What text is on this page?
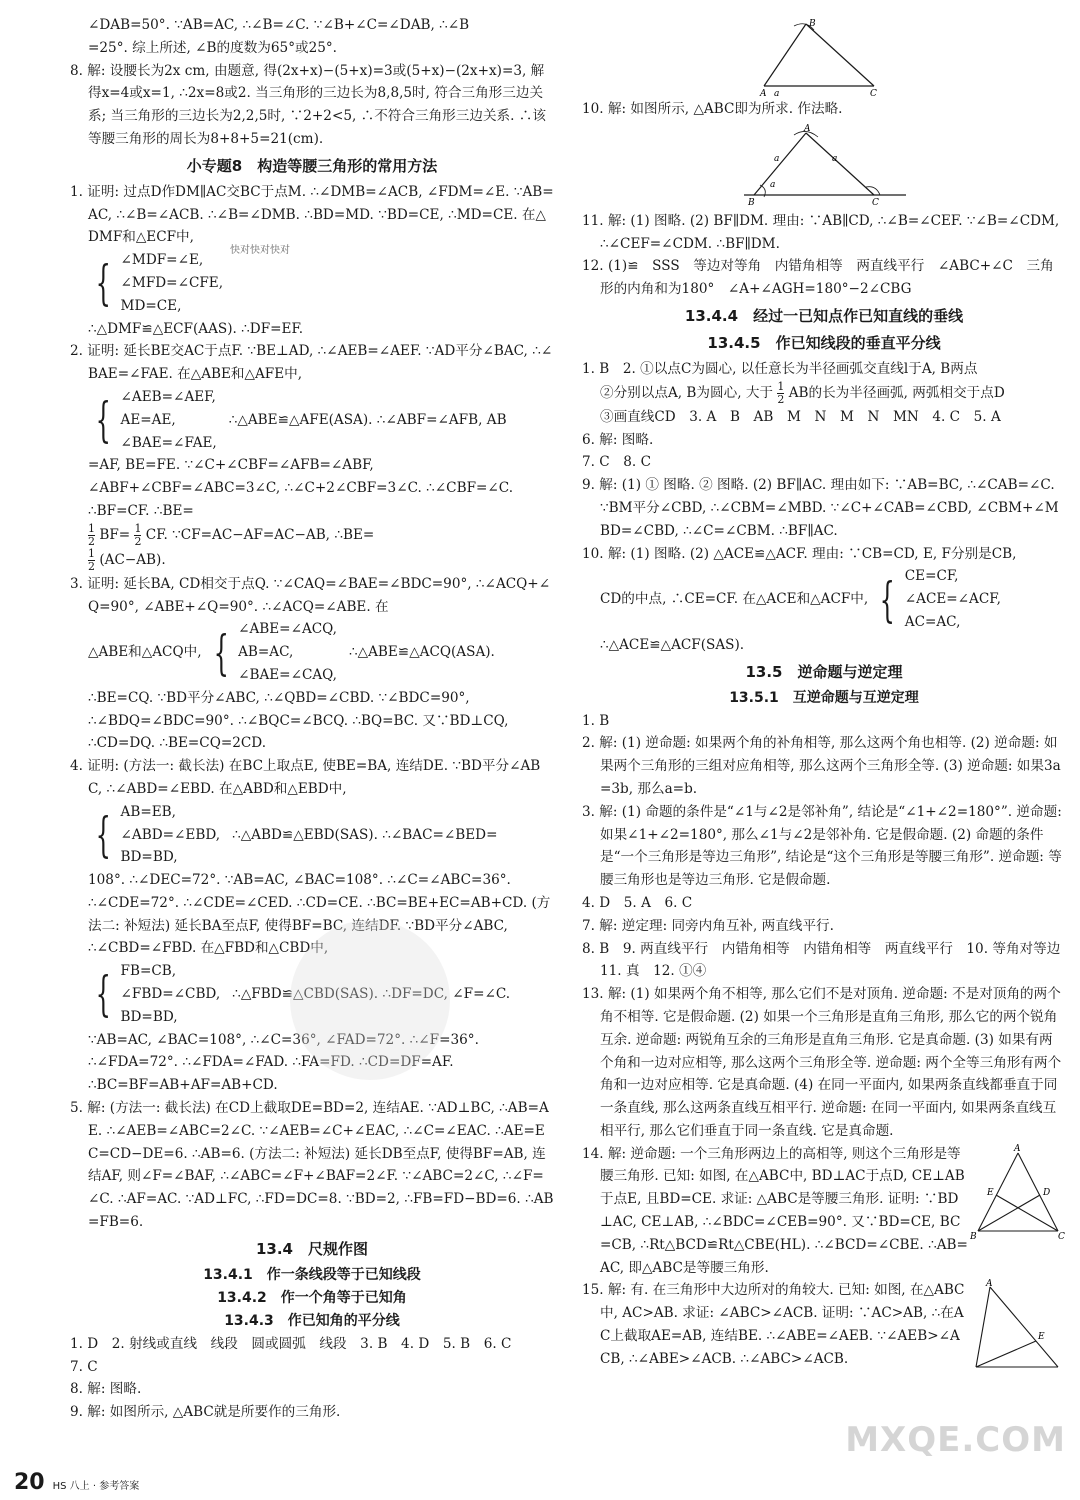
∠DAB=50°. ∵AB=AC, ∴∠B=∠C. ∵∠B+∠C=∠DAB, ∴∠B
=25°. 综上所述, ∠B的度数为65°或25°.
8. 解: 设腰长为2x cm, 由题意, 得(2x+x)−(5+x)=3或(5+x)−(2x+x)=3, 解得x=4或x=1, ∴2x=8或2. 当三角形的三边长为8,8,5时, 符合三角形三边关系; 当三角形的三边长为2,2,5时, ∵2+2<5, ∴不符合三角形三边关系. ∴该等腰三角形的周长为8+8+5=21(cm).
小专题8　构造等腰三角形的常用方法
1. 证明: 过点D作DM∥AC交BC于点M. ∴∠DMB=∠ACB, ∠FDM=∠E. ∵AB=AC, ∴∠B=∠ACB. ∴∠B=∠DMB. ∴BD=MD. ∵BD=CE, ∴MD=CE. 在△DMF和△ECF中,
{ ∠MDF=∠E,
∠MFD=∠CFE,
MD=CE,
∴△DMF≌△ECF(AAS). ∴DF=EF.
2. 证明: 延长BE交AC于点F. ∵BE⊥AD, ∴∠AEB=∠AEF. ∵AD平分∠BAC, ∴∠BAE=∠FAE. 在△ABE和△AFE中,
{ ∠AEB=∠AEF,
AE=AE,
∠BAE=∠FAE,
∴△ABE≌△AFE(ASA). ∴∠ABF=∠AFB, AB
=AF, BE=FE. ∵∠C+∠CBF=∠AFB=∠ABF, ∠ABF+∠CBF=∠ABC=3∠C, ∴∠C+2∠CBF=3∠C. ∴∠CBF=∠C. ∴BF=CF. ∴BE=
$\frac{1}{2} BF= \frac{1}{2}$ CF. ∵CF=AC−AF=AC−AB, ∴BE=
$\frac{1}{2} (AC-AB)$.
3. 证明: 延长BA, CD相交于点Q. ∵∠CAQ=∠BAE=∠BDC=90°, ∴∠ACQ+∠Q=90°, ∠ABE+∠Q=90°. ∴∠ACQ=∠ABE. 在
△ABE和△ACQ中, { ∠ABE=∠ACQ,
AB=AC,
∠BAE=∠CAQ,
∴△ABE≌△ACQ(ASA).
∴BE=CQ. ∵BD平分∠ABC, ∴∠QBD=∠CBD. ∵∠BDC=90°, ∴∠BDQ=∠BDC=90°. ∴∠BQC=∠BCQ. ∴BQ=BC. 又∵BD⊥CQ, ∴CD=DQ. ∴BE=CQ=2CD.
4. 证明: (方法一: 截长法) 在BC上取点E, 使BE=BA, 连结DE. ∵BD平分∠ABC, ∴∠ABD=∠EBD. 在△ABD和△EBD中,
{ AB=EB,
∠ABD=∠EBD,
BD=BD,
∴△ABD≌△EBD(SAS). ∴∠BAC=∠BED=
108°. ∴∠DEC=72°. ∵AB=AC, ∠BAC=108°. ∴∠C=∠ABC=36°. ∴∠CDE=72°. ∴∠CDE=∠CED. ∴CD=CE. ∴BC=BE+EC=AB+CD. (方法二: 补短法) 延长BA至点F, 使得BF=BC, 连结DF. ∵BD平分∠ABC, ∴∠CBD=∠FBD. 在△FBD和△CBD中,
{ FB=CB,
∠FBD=∠CBD,
BD=BD,
∴△FBD≌△CBD(SAS). ∴DF=DC, ∠F=∠C.
∵AB=AC, ∠BAC=108°, ∴∠C=36°, ∠FAD=72°. ∴∠F=36°. ∴∠FDA=72°. ∴∠FDA=∠FAD. ∴FA=FD. ∴CD=DF=AF. ∴BC=BF=AB+AF=AB+CD.
5. 解: (方法一: 截长法) 在CD上截取DE=BD=2, 连结AE. ∵AD⊥BC, ∴AB=AE. ∴∠AEB=∠ABC=2∠C. ∵∠AEB=∠C+∠EAC, ∴∠C=∠EAC. ∴AE=EC=CD−DE=6. ∴AB=6. (方法二: 补短法) 延长DB至点F, 使得BF=AB, 连结AF, 则∠F=∠BAF, ∴∠ABC=∠F+∠BAF=2∠F. ∵∠ABC=2∠C, ∴∠F=∠C. ∴AF=AC. ∵AD⊥FC, ∴FD=DC=8. ∵BD=2, ∴FB=FD−BD=6. ∴AB=FB=6.
13.4　尺规作图
13.4.1　作一条线段等于已知线段
13.4.2　作一个角等于已知角
13.4.3　作已知角的平分线
1. D　2. 射线或直线　线段　圆或圆弧　线段　3. B　4. D　5. B　6. C
7. C
8. 解: 图略.
9. 解: 如图所示, △ABC就是所要作的三角形.
B
A a	C
10. 解: 如图所示, △ABC即为所求. 作法略.
A
a	a
a
B	C
11. 解: (1) 图略. (2) BF∥DM. 理由: ∵AB∥CD, ∴∠B=∠CEF. ∵∠B=∠CDM, ∴∠CEF=∠CDM. ∴BF∥DM.
12. (1)≌　SSS　等边对等角　内错角相等　两直线平行　∠ABC+∠C　三角形的内角和为180°　∠A+∠AGH=180°−2∠CBG
13.4.4　经过一已知点作已知直线的垂线
13.4.5　作已知线段的垂直平分线
1. B　2. ①以点C为圆心, 以任意长为半径画弧交直线l于A, B两点
②分别以点A, B为圆心, 大于 $\frac{1}{2}$ AB的长为半径画弧, 两弧相交于点D
③画直线CD　3. A　B　AB　M　N　M　N　MN　4. C　5. A
6. 解: 图略.
7. C　8. C
9. 解: (1) ① 图略. ② 图略. (2) BF∥AC. 理由如下: ∵AB=BC, ∴∠CAB=∠C. ∵BM平分∠CBD, ∴∠CBM=∠MBD. ∵∠C+∠CAB=∠CBD, ∠CBM+∠MBD=∠CBD, ∴∠C=∠CBM. ∴BF∥AC.
10. 解: (1) 图略. (2) △ACE≌△ACF. 理由: ∵CB=CD, E, F分别是CB,
CD的中点, ∴CE=CF. 在△ACE和△ACF中, { CE=CF,
∠ACE=∠ACF,
AC=AC,
∴△ACE≌△ACF(SAS).
13.5　逆命题与逆定理
13.5.1　互逆命题与互逆定理
1. B
2. 解: (1) 逆命题: 如果两个角的补角相等, 那么这两个角也相等. (2) 逆命题: 如果两个三角形的三组对应角相等, 那么这两个三角形全等. (3) 逆命题: 如果3a=3b, 那么a=b.
3. 解: (1) 命题的条件是“∠1与∠2是邻补角”, 结论是“∠1+∠2=180°”. 逆命题: 如果∠1+∠2=180°, 那么∠1与∠2是邻补角. 它是假命题. (2) 命题的条件是“一个三角形是等边三角形”, 结论是“这个三角形是等腰三角形”. 逆命题: 等腰三角形也是等边三角形. 它是假命题.
4. D　5. A　6. C
7. 解: 逆定理: 同旁内角互补, 两直线平行.
8. B　9. 两直线平行　内错角相等　内错角相等　两直线平行　10. 等角对等边　11. 真　12. ①④
13. 解: (1) 如果两个角不相等, 那么它们不是对顶角. 逆命题: 不是对顶角的两个角不相等. 它是假命题. (2) 如果一个三角形是直角三角形, 那么它的两个锐角互余. 逆命题: 两锐角互余的三角形是直角三角形. 它是真命题. (3) 如果有两个角和一边对应相等, 那么这两个三角形全等. 逆命题: 两个全等三角形有两个角和一边对应相等. 它是真命题. (4) 在同一平面内, 如果两条直线都垂直于同一条直线, 那么这两条直线互相平行. 逆命题: 在同一平面内, 如果两条直线互相平行, 那么它们垂直于同一条直线. 它是真命题.
14. 解: 逆命题: 一个三角形两边上的高相等, 则这个三角形是等腰三角形. 已知: 如图, 在△ABC中, BD⊥AC于点D, CE⊥AB于点E, 且BD=CE. 求证: △ABC是等腰三角形. 证明: ∵BD⊥AC, CE⊥AB, ∴∠BDC=∠CEB=90°. 又∵BD=CE, BC=CB, ∴Rt△BCD≌Rt△CBE(HL). ∴∠BCD=∠CBE. ∴AB=AC, 即△ABC是等腰三角形.
A
E	D
B	C
15. 解: 有. 在三角形中大边所对的角较大. 已知: 如图, 在△ABC中, AC>AB. 求证: ∠ABC>∠ACB. 证明: ∵AC>AB, ∴在AC上截取AE=AB, 连结BE. ∴∠ABE=∠AEB. ∵∠AEB>∠ACB, ∴∠ABE>∠ACB. ∴∠ABC>∠ACB.
A
E
快对快对快对
MXQE.COM
20 HS 八上 · 参考答案
